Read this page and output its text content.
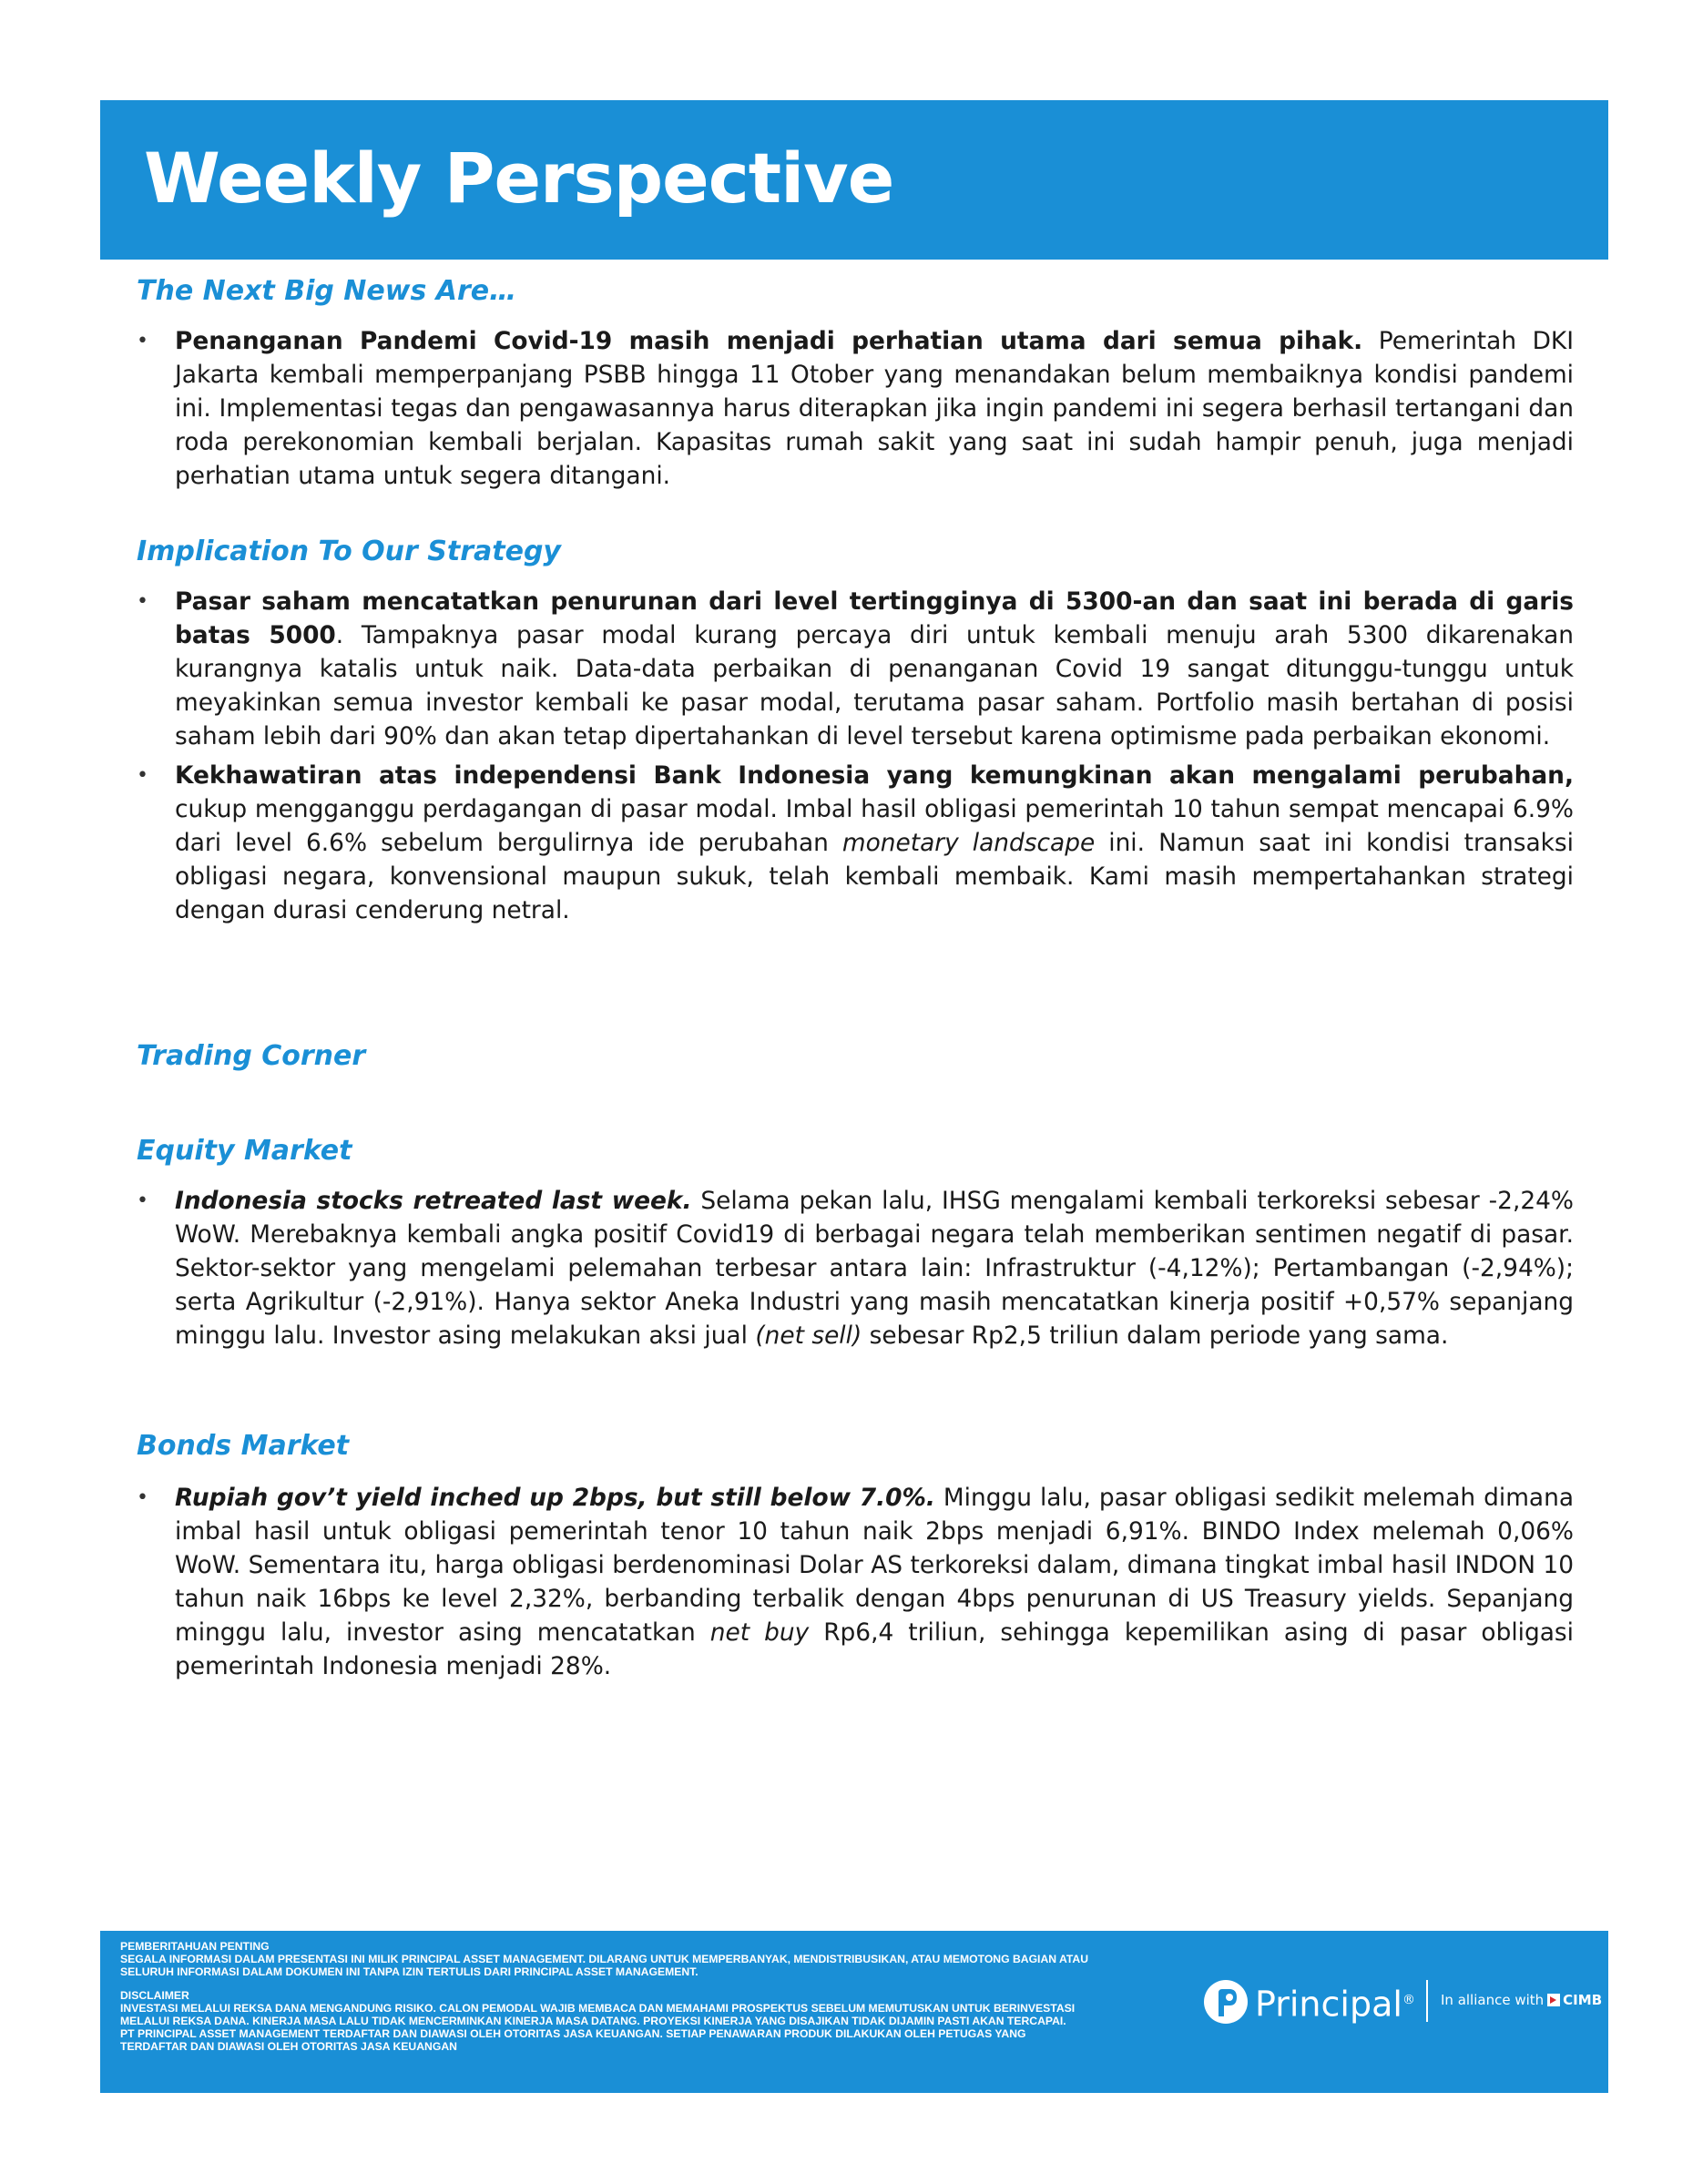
Weekly Perspective
The Next Big News Are…
• Penanganan Pandemi Covid-19 masih menjadi perhatian utama dari semua pihak. Pemerintah DKI Jakarta kembali memperpanjang PSBB hingga 11 Otober yang menandakan belum membaiknya kondisi pandemi ini. Implementasi tegas dan pengawasannya harus diterapkan jika ingin pandemi ini segera berhasil tertangani dan roda perekonomian kembali berjalan. Kapasitas rumah sakit yang saat ini sudah hampir penuh, juga menjadi perhatian utama untuk segera ditangani.
Implication To Our Strategy
• Pasar saham mencatatkan penurunan dari level tertingginya di 5300-an dan saat ini berada di garis batas 5000. Tampaknya pasar modal kurang percaya diri untuk kembali menuju arah 5300 dikarenakan kurangnya katalis untuk naik. Data-data perbaikan di penanganan Covid 19 sangat ditunggu-tunggu untuk meyakinkan semua investor kembali ke pasar modal, terutama pasar saham. Portfolio masih bertahan di posisi saham lebih dari 90% dan akan tetap dipertahankan di level tersebut karena optimisme pada perbaikan ekonomi.
• Kekhawatiran atas independensi Bank Indonesia yang kemungkinan akan mengalami perubahan, cukup mengganggu perdagangan di pasar modal. Imbal hasil obligasi pemerintah 10 tahun sempat mencapai 6.9% dari level 6.6% sebelum bergulirnya ide perubahan monetary landscape ini. Namun saat ini kondisi transaksi obligasi negara, konvensional maupun sukuk, telah kembali membaik. Kami masih mempertahankan strategi dengan durasi cenderung netral.
Trading Corner
Equity Market
• Indonesia stocks retreated last week. Selama pekan lalu, IHSG mengalami kembali terkoreksi sebesar -2,24% WoW. Merebaknya kembali angka positif Covid19 di berbagai negara telah memberikan sentimen negatif di pasar. Sektor-sektor yang mengelami pelemahan terbesar antara lain: Infrastruktur (-4,12%); Pertambangan (-2,94%); serta Agrikultur (-2,91%). Hanya sektor Aneka Industri yang masih mencatatkan kinerja positif +0,57% sepanjang minggu lalu. Investor asing melakukan aksi jual (net sell) sebesar Rp2,5 triliun dalam periode yang sama.
Bonds Market
• Rupiah gov’t yield inched up 2bps, but still below 7.0%. Minggu lalu, pasar obligasi sedikit melemah dimana imbal hasil untuk obligasi pemerintah tenor 10 tahun naik 2bps menjadi 6,91%. BINDO Index melemah 0,06% WoW. Sementara itu, harga obligasi berdenominasi Dolar AS terkoreksi dalam, dimana tingkat imbal hasil INDON 10 tahun naik 16bps ke level 2,32%, berbanding terbalik dengan 4bps penurunan di US Treasury yields. Sepanjang minggu lalu, investor asing mencatatkan net buy Rp6,4 triliun, sehingga kepemilikan asing di pasar obligasi pemerintah Indonesia menjadi 28%.

PEMBERITAHUAN PENTING

SEGALA INFORMASI DALAM PRESENTASI INI MILIK PRINCIPAL ASSET MANAGEMENT. DILARANG UNTUK MEMPERBANYAK, MENDISTRIBUSIKAN, ATAU MEMOTONG BAGIAN ATAU

SELURUH INFORMASI DALAM DOKUMEN INI TANPA IZIN TERTULIS DARI PRINCIPAL ASSET MANAGEMENT.

DISCLAIMER

INVESTASI MELALUI REKSA DANA MENGANDUNG RISIKO. CALON PEMODAL WAJIB MEMBACA DAN MEMAHAMI PROSPEKTUS SEBELUM MEMUTUSKAN UNTUK BERINVESTASI

MELALUI REKSA DANA. KINERJA MASA LALU TIDAK MENCERMINKAN KINERJA MASA DATANG. PROYEKSI KINERJA YANG DISAJIKAN TIDAK DIJAMIN PASTI AKAN TERCAPAI.

PT PRINCIPAL ASSET MANAGEMENT TERDAFTAR DAN DIAWASI OLEH OTORITAS JASA KEUANGAN. SETIAP PENAWARAN PRODUK DILAKUKAN OLEH PETUGAS YANG

TERDAFTAR DAN DIAWASI OLEH OTORITAS JASA KEUANGAN

Principal® In alliance with CIMB
